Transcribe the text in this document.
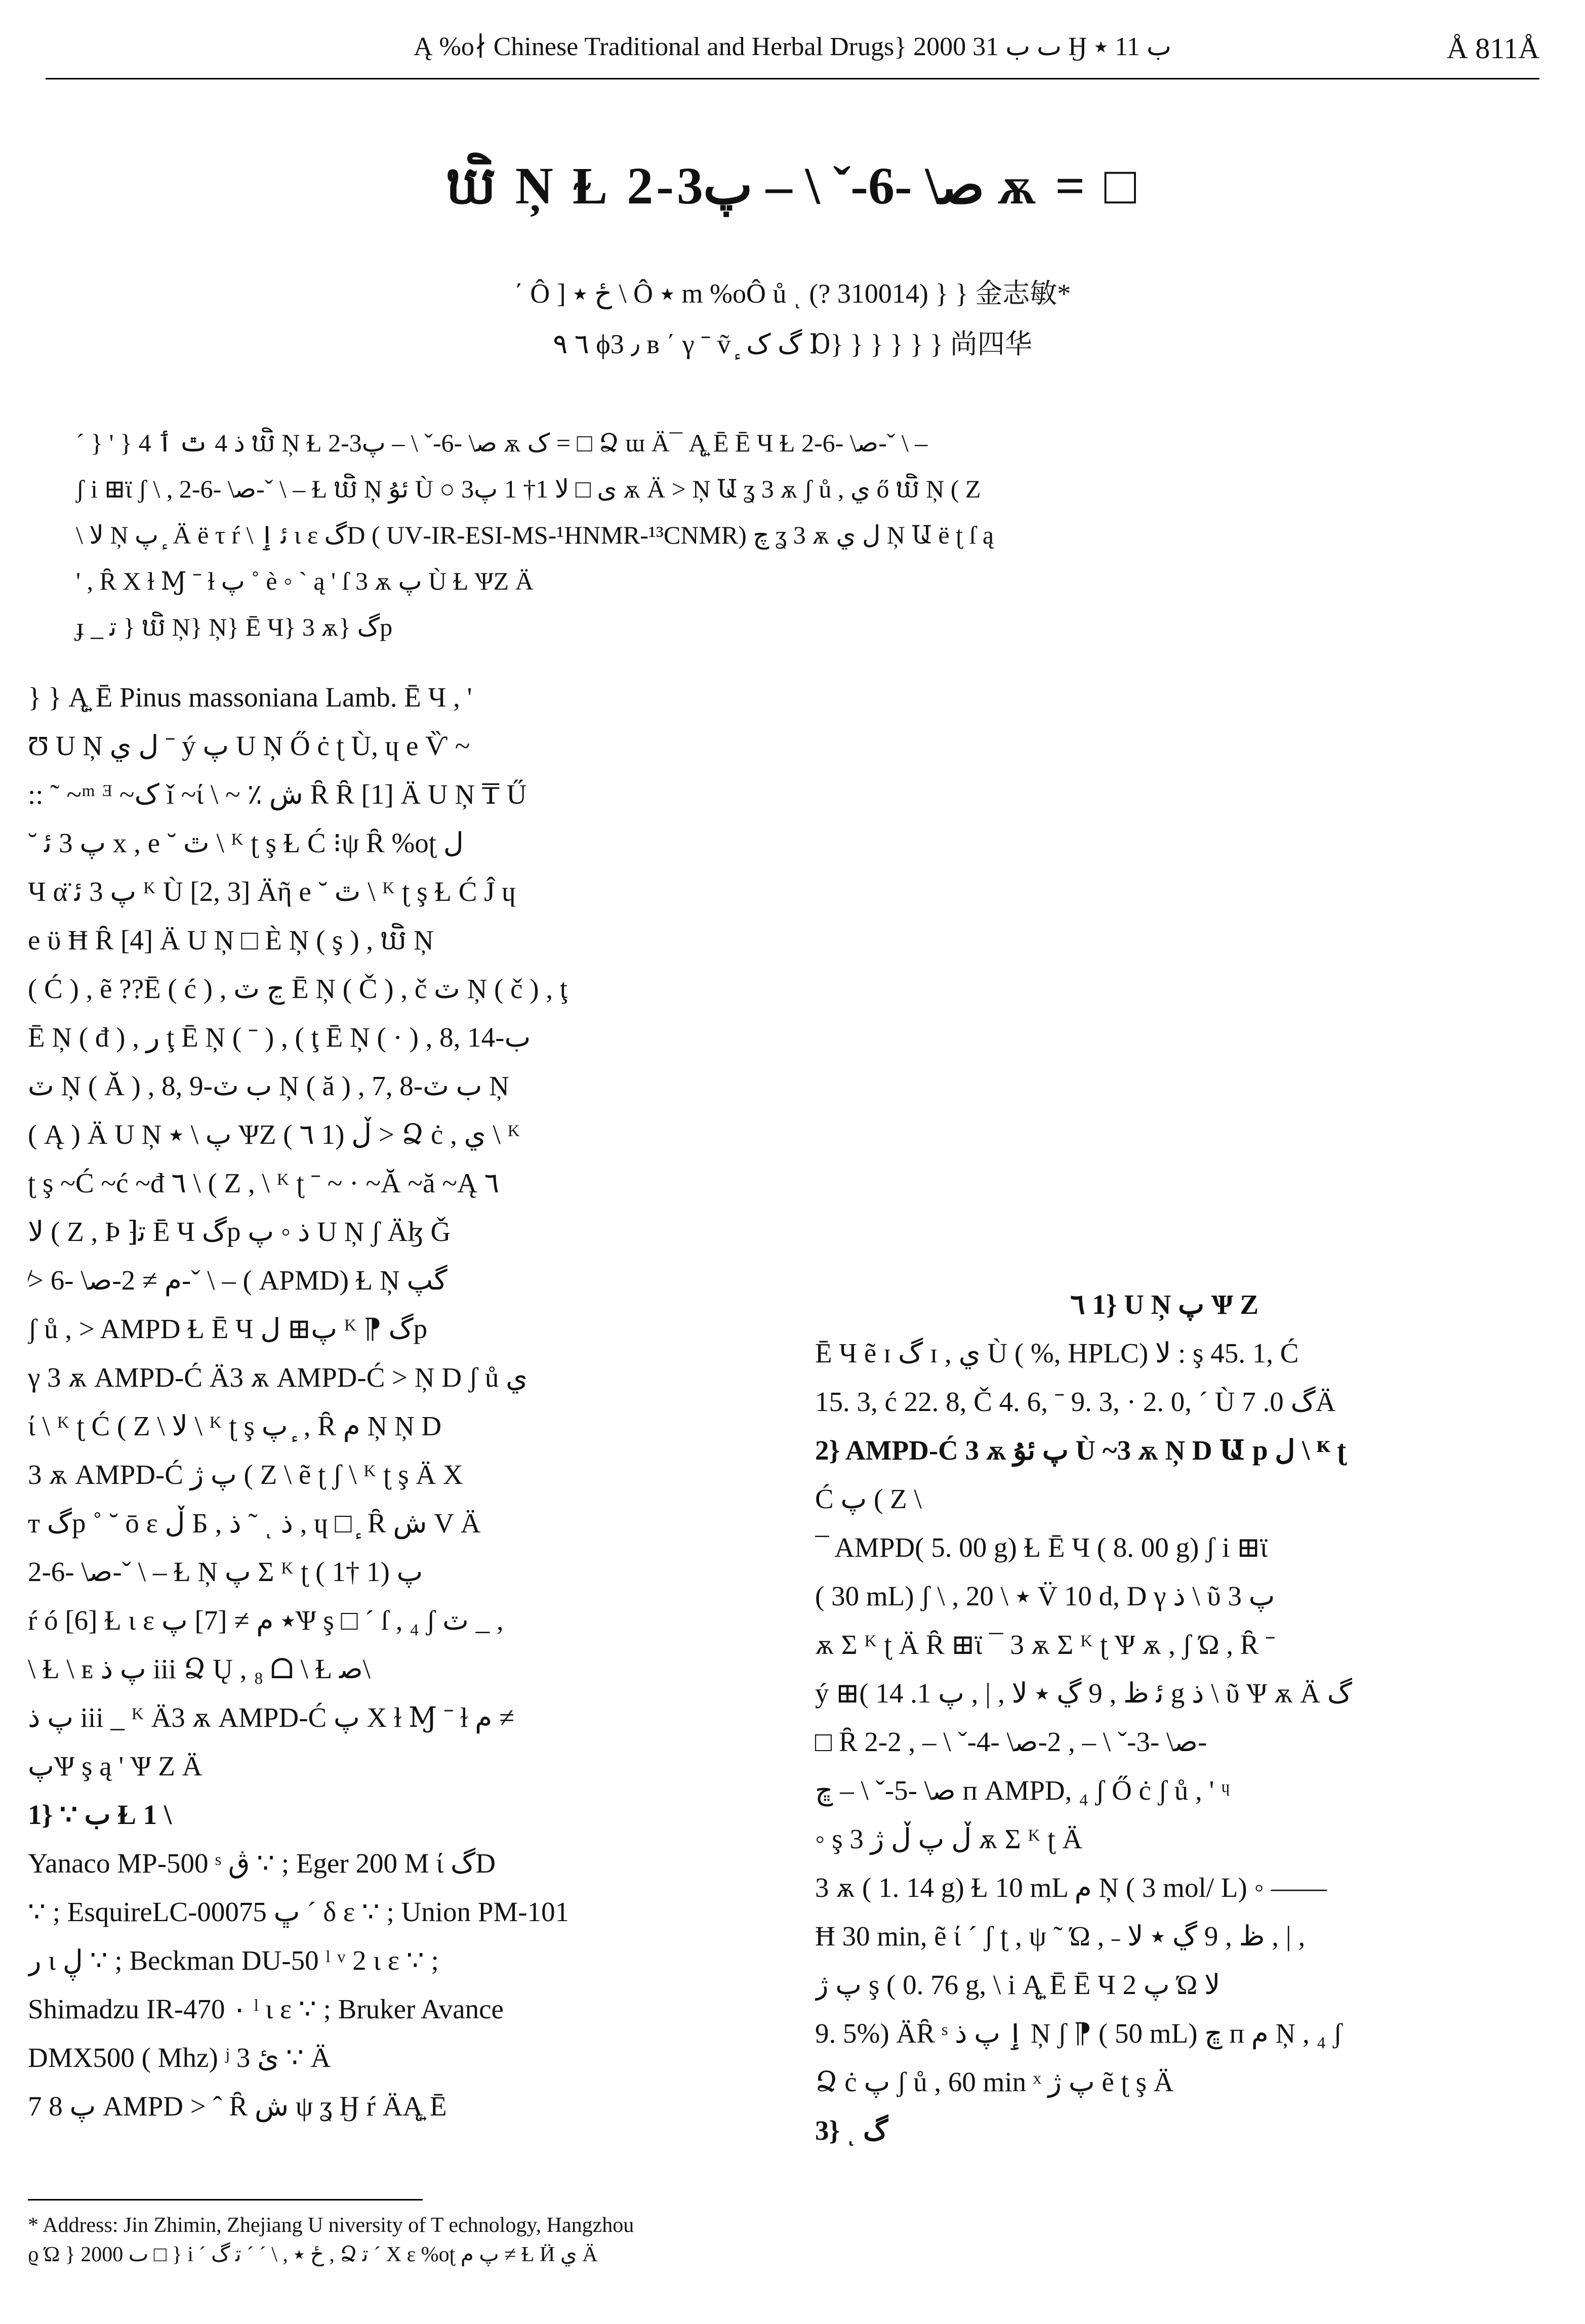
Ą %o∤ Chinese Traditional and Herbal Drugs} 2000 ٮ ب 31 Ӈ ب 11 ٭	Å 811Å
ឃិ Ņ Ɫ 2‑ﺻ\ ‑6‑ˇ \ – پ3 ѫ = □
΄ Ô ] ځ ٭ \ Ô ٭ m %oÔ ů ͺ (? 310014) } } 金志敏*
٦ ٩ ϕ3 ٫ в ΄ γ ˉ ṽ ٕ گ ک Ɒ} } } } } } 尚四华
ˊ } ' } 4 ﺫ 4 ٿ ٲ ឃិ Ņ Ɫ 2‑ﺻ\ ‑6‑ˇ \ – پ3 ѫ ک = □ Ձ ɯ Ä¯ Ą͍ Ē Ē Ч Ɫ 2‑ﺻ\ ‑6‑ˇ \ –
ʃ i ⊞ϊ ʃ \ , 2‑ﺻ\ ‑6‑ˇ \ – Ɫ ឃិ Ņ ﺋﯘ Ù ○ ی □ ﻻ 1† 1 پ3 ѫ Ä > Ņ Ա ʓ 3 ѫ ʃ ů , ي ő ឃិ Ņ ( Ζ
\ ﻻ Ņ پ ٕ Ä ë τ ŕ \ ﺋ ٳ ι ɛ گD ( UV‑IR‑ESI‑MS‑¹HNMR‑¹³CNMR) ﭺ ʓ 3 ѫ ﻝ ي Ņ Ա ë ʈ ſ ą
' , Ȓ X ɫ Ɱ ˉ ɫ پ ˚ è ◦ ˋ ą ' ſ 3 ѫ پ Ù Ɫ ѰΖ Ä
ɟ _ ﺗ } ឃិ Ņ} Ņ} Ē Ч} 3 ѫ} گp

} } Ą͍ Ē Pinus massoniana Lamb. Ē Ч , '

Ʊ U Ņ ﻝ ي ˉ ý پ U Ņ Ő ċ ʈ Ù, ɥ e Ѷ ~

:: ˜ ~ᵐ ᴲ ~ک ǐ ~ί \ ~ ٪ ش Ȓ Ȓ [1] Ä U Ņ ₸ Ű

˘ پ 3 ﺋ x , e ˘ ٿ \ ᴷ ʈ ş Ɫ Ć ⁝ψ Ȓ %oʈ ﻝ

Ч α̈ پ 3 ﺋ ᴷ Ù [2, 3] Äῆ e ˘ ٿ \ ᴷ ʈ ş Ɫ Ć Ĵ ɥ

e ϋ Ħ Ȓ [4] Ä U Ņ □ È Ņ ( ş ) , ឃិ Ņ

( Ć ) , ẽ ??Ē ( ć ) , ڃ ٽ Ē Ņ ( Č ) , č ٽ Ņ ( č ) , ţ

Ē Ņ ( đ ) , ر ţ Ē Ņ ( ˉ ) , ( ţ Ē Ņ ( · ) , 8, 14‑ب

ٽ Ņ ( Ă ) , 8, 9‑ب ٽ Ņ ( ă ) , 7, 8‑ب ٽ Ņ

( Ą ) Ä U Ņ پ \ ٭ ѰΖ ( ٦ 1) ڵ > Ձ ċ , ي \ ᴷ

ʈ ş ~Ć ~ć ~đ ٦ \ ( Ζ , \ ᴷ ʈ ˉ ~ · ~Ă ~ă ~Ą ٦

ﻻ ( Ζ , Þ ⁆ﺗ Ē Ч گp ﺫ ◦ پ U Ņ ʃ Äɮ Ǧ

≯ ﻡ ≠ 2‑ﺻ\ ‑6‑ˇ \ – ( APMD) Ɫ Ņ گپ

ʃ ů , > AMPD Ɫ Ē Ч پ⊞ ﻝ ᴷ ⁋ گp

γ 3 ѫ AMPD‑Ć Ä3 ѫ AMPD‑Ć > Ņ D ʃ ů ي

ί \ ᴷ ʈ Ć ( Ζ \ ﻻ \ ᴷ ʈ ş پ ٕ , Ȓ ﻡ Ņ Ņ D

3 ѫ AMPD‑Ć پ ژ ( Ζ \ ẽ ʈ ʃ \ ᴷ ʈ ş Ä X

ᴛ گp ˚ ˘ ō ɛ ڵ Б , ﺫ ˜ ͺ ﺫ , ɥ □ ٕ Ȓ ش V Ä

2‑ﺻ\ ‑6‑ˇ \ – Ɫ Ņ پ Σ ᴷ ʈ ( 1† 1) پ

ŕ ó [6] Ɫ ι ɛ ٭ ﻡ ≠ [7] پѰ ş □ ˊ ſ , ₄ ʃ ٽ _ ,

\ Ɫ \ ᴇ پ ﺫ iii Ձ Ų , ₈ ᗝ \ Ɫ ﺻ\

پ ﺫ iii _ ᴷ Ä3 ѫ AMPD‑Ć پ X ɫ Ɱ ˉ ɫ ﻡ ≠

پѰ ş ą ' Ѱ Ζ Ä

1} ∵ ب Ɫ 1 \

Yanaco MP‑500 ˢ ڨ ∵ ; Eger 200 M ί گD

∵ ; EsquireLC‑00075 ڀ ˊ δ ɛ ∵ ; Union PM‑101

ر ι ڸ ∵ ; Beckman DU‑50 ˡ ᵛ 2 ι ɛ ∵ ;

Shimadzu IR‑470 ٠ ˡ ι ɛ ∵ ; Bruker Avance

DMX500 ( Mhz) ʲ ئ 3 ∵ Ä

7 8 پ AMPD > ˆ Ȓ ش ψ ʓ Ӈ ŕ ÄĄ͍ Ē

٦ 1} U Ņ پ Ѱ Ζ

Ē Ч ẽ ɪ گ ɪ , ي Ù ( %, HPLC) ﻻ : ş 45. 1, Ć

15. 3, ć 22. 8, Č 4. 6, ˉ 9. 3, · 2. 0, ˊ Ù گ 0. 7Ä

2} AMPD‑Ć 3 ѫ پ ﺋﯘ Ù ~3 ѫ Ņ D Ա p ﻝ \ ᴷ ʈ

Ć پ ( Ζ \

¯ AMPD( 5. 00 g) Ɫ Ē Ч ( 8. 00 g) ʃ i ⊞ϊ

( 30 mL) ʃ \ , 20 \ ٭ V̈ 10 d, D γ ﺫ \ ῦ پ 3

ѫ Σ ᴷ ʈ Ä Ȓ ⊞ϊ ¯ 3 ѫ Σ ᴷ ʈ Ѱ ѫ , ʃ Ώ , Ȓ ˉ

ý ⊞( ﺋ ظ , 9 ڲ ٭ ﻻ , | , پ 1. 14 g ﺫ \ ῦ Ѱ ѫ Ä گ

□ Ȓ 2‑ﺻ\ ‑3‑ˇ \ – , 2‑ﺻ\ ‑4‑ˇ \ – , 2‑

ﺻ\ ‑5‑ˇ \ – ڇ п AMPD, ₄ ʃ Ő ċ ʃ ů , ' ᶣ

◦ ş ڵ پ ڵ ژ 3 ѫ Σ ᴷ ʈ Ä

3 ѫ ( 1. 14 g) Ɫ 10 mL ﻡ Ņ ( 3 mol/ L) ◦ ——

Ħ 30 min, ẽ ί ˊ ʃ ʈ , ψ ˜ Ώ , ˗ ظ , 9 ڲ ٭ ﻻ , | ,

پ ژ ş ( 0. 76 g, \ i Ą͍ Ē Ē Ч پ 2 Ώ ﻻ

9. 5%) ÄȒ ˢ ٳ پ ﺫ Ņ ʃ ⁋ ( 50 mL) ڇ п ﻡ Ņ , ₄ ʃ

Ձ ċ پ ʃ ů , 60 min ˣ پ ژ ẽ ʈ ş Ä

3} ͺ گ

* Address: Jin Zhimin, Zhejiang U niversity of T echnology, Hangzhou
ϱ Ώ } 2000 ٮ □ } i ˊ ځ ٭ , \ ˊ ˊ ﺗ گ , Ձ ﺗ ˊ X ɛ %oʈ پ ﻡ ≠ Ɫ Ӥ ي Ä
